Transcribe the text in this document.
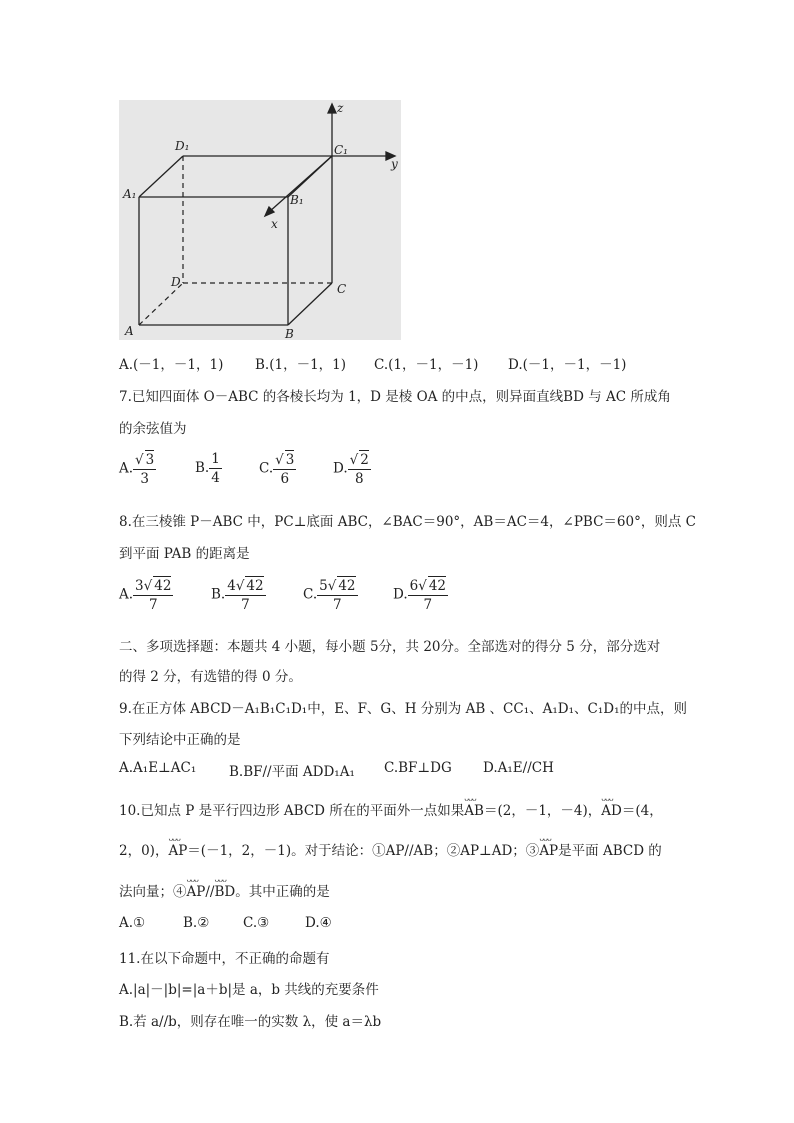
D₁	C₁
A₁	B₁
D	C
A	B
x
y
z
A.(－1，－1，1) B.(1，－1，1) C.(1，－1，－1) D.(－1，－1，－1)
7.已知四面体 O－ABC 的各棱长均为 1，D 是棱 OA 的中点，则异面直线BD 与 AC 所成角
的余弦值为
A. $\frac{√ 3}{3}$	B. $\frac{1}{4}$	C. $\frac{√ 3}{6}$	D. $\frac{√ 2}{8}$
8.在三棱锥 P－ABC 中，PC⊥底面 ABC，∠BAC＝90°，AB＝AC＝4，∠PBC＝60°，则点 C
到平面 PAB 的距离是
A. $\frac{3√ 42}{7}$	B. $\frac{4√ 42}{7}$	C. $\frac{5√ 42}{7}$	D. $\frac{6√ 42}{7}$
二、多项选择题：本题共 4 小题，每小题 5分，共 20分。全部选对的得分 5 分，部分选对
的得 2 分，有选错的得 0 分。
9.在正方体 ABCD－A₁B₁C₁D₁中，E、F、G、H 分别为 AB 、CC₁、A₁D₁、C₁D₁的中点，则
下列结论中正确的是
A.A₁E⊥AC₁ B.BF//平面 ADD₁A₁ C.BF⊥DG D.A₁E//CH
10.已知点 P 是平行四边形 ABCD 所在的平面外一点如果ᴗᴗᴗ AB＝(2，－1，－4)，ᴗᴗᴗ AD＝(4，
2，0)，ᴗᴗᴗ AP＝(－1，2，－1)。对于结论：①AP//AB；②AP⊥AD；③ᴗᴗᴗ AP是平面 ABCD 的
法向量；④ᴗᴗᴗ AP//ᴗᴗᴗ BD。其中正确的是
A.①	B.② C.③	D.④
11.在以下命题中，不正确的命题有
A.|a|－|b|=|a＋b|是 a，b 共线的充要条件
B.若 a//b，则存在唯一的实数 λ，使 a＝λb
